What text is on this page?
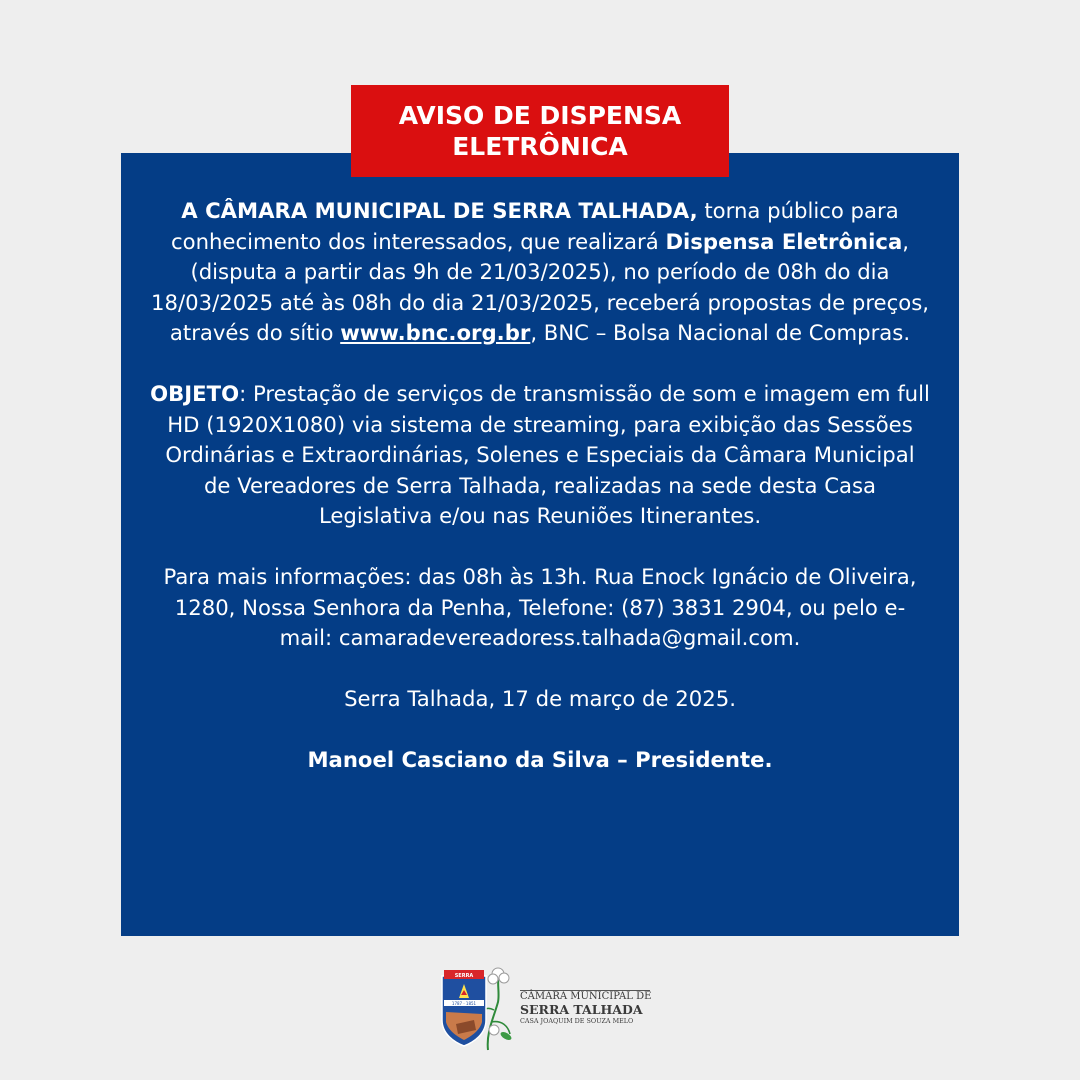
AVISO DE DISPENSA
ELETRÔNICA

A CÂMARA MUNICIPAL DE SERRA TALHADA, torna público para conhecimento dos interessados, que realizará Dispensa Eletrônica, (disputa a partir das 9h de 21/03/2025), no período de 08h do dia 18/03/2025 até às 08h do dia 21/03/2025, receberá propostas de preços, através do sítio www.bnc.org.br, BNC – Bolsa Nacional de Compras.

OBJETO: Prestação de serviços de transmissão de som e imagem em full HD (1920X1080) via sistema de streaming, para exibição das Sessões Ordinárias e Extraordinárias, Solenes e Especiais da Câmara Municipal de Vereadores de Serra Talhada, realizadas na sede desta Casa Legislativa e/ou nas Reuniões Itinerantes.

Para mais informações: das 08h às 13h. Rua Enock Ignácio de Oliveira, 1280, Nossa Senhora da Penha, Telefone: (87) 3831 2904, ou pelo e-mail: camaradevereadoress.talhada@gmail.com.

Serra Talhada, 17 de março de 2025.

Manoel Casciano da Silva – Presidente.

SERRA
1787 · 1851
CÂMARA MUNICIPAL DE
SERRA TALHADA
CASA JOAQUIM DE SOUZA MELO
